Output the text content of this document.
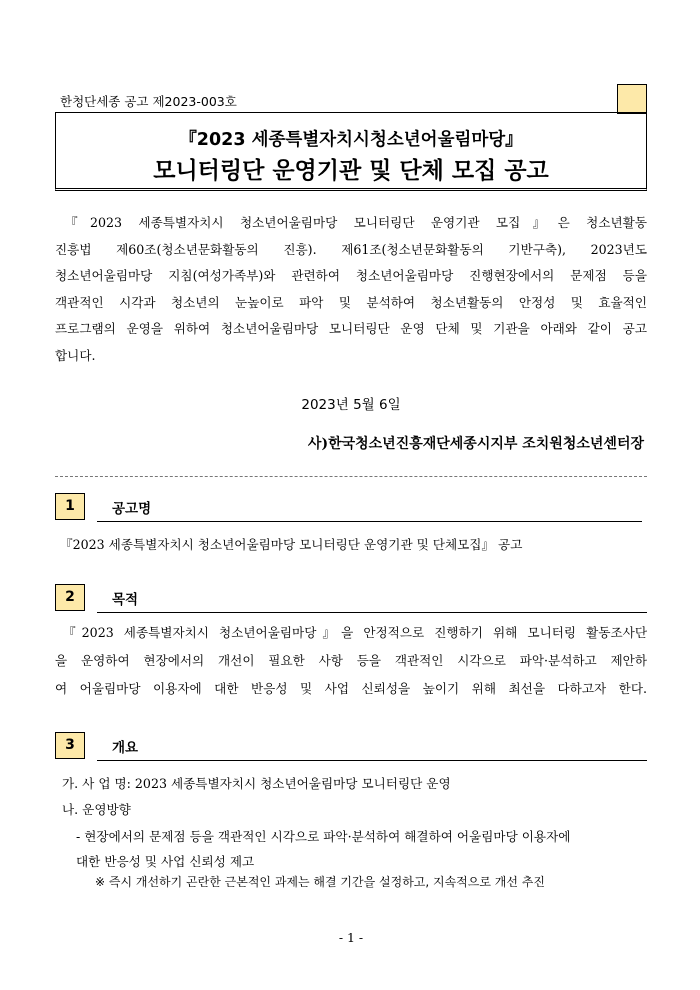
한청단세종 공고 제2023-003호
『2023 세종특별자치시청소년어울림마당』
모니터링단 운영기관 및 단체 모집 공고
『2023 세종특별자치시 청소년어울림마당 모니터링단 운영기관 모집』은 청소년활동
진흥법 제60조(청소년문화활동의 진흥). 제61조(청소년문화활동의 기반구축), 2023년도
청소년어울림마당 지침(여성가족부)와 관련하여 청소년어울림마당 진행현장에서의 문제점 등을
객관적인 시각과 청소년의 눈높이로 파악 및 분석하여 청소년활동의 안정성 및 효율적인
프로그램의 운영을 위하여 청소년어울림마당 모니터링단 운영 단체 및 기관을 아래와 같이 공고
합니다.
2023년 5월 6일
사)한국청소년진흥재단세종시지부 조치원청소년센터장
1	공고명
『2023 세종특별자치시 청소년어울림마당 모니터링단 운영기관 및 단체모집』 공고
2	목적
『2023 세종특별자치시 청소년어울림마당』을 안정적으로 진행하기 위해 모니터링 활동조사단
을 운영하여 현장에서의 개선이 필요한 사항 등을 객관적인 시각으로 파악·분석하고 제안하
여 어울림마당 이용자에 대한 반응성 및 사업 신뢰성을 높이기 위해 최선을 다하고자 한다.
3	개요
가. 사 업 명: 2023 세종특별자치시 청소년어울림마당 모니터링단 운영
나. 운영방향
- 현장에서의 문제점 등을 객관적인 시각으로 파악·분석하여 해결하여 어울림마당 이용자에
대한 반응성 및 사업 신뢰성 제고
※ 즉시 개선하기 곤란한 근본적인 과제는 해결 기간을 설정하고, 지속적으로 개선 추진
- 1 -
